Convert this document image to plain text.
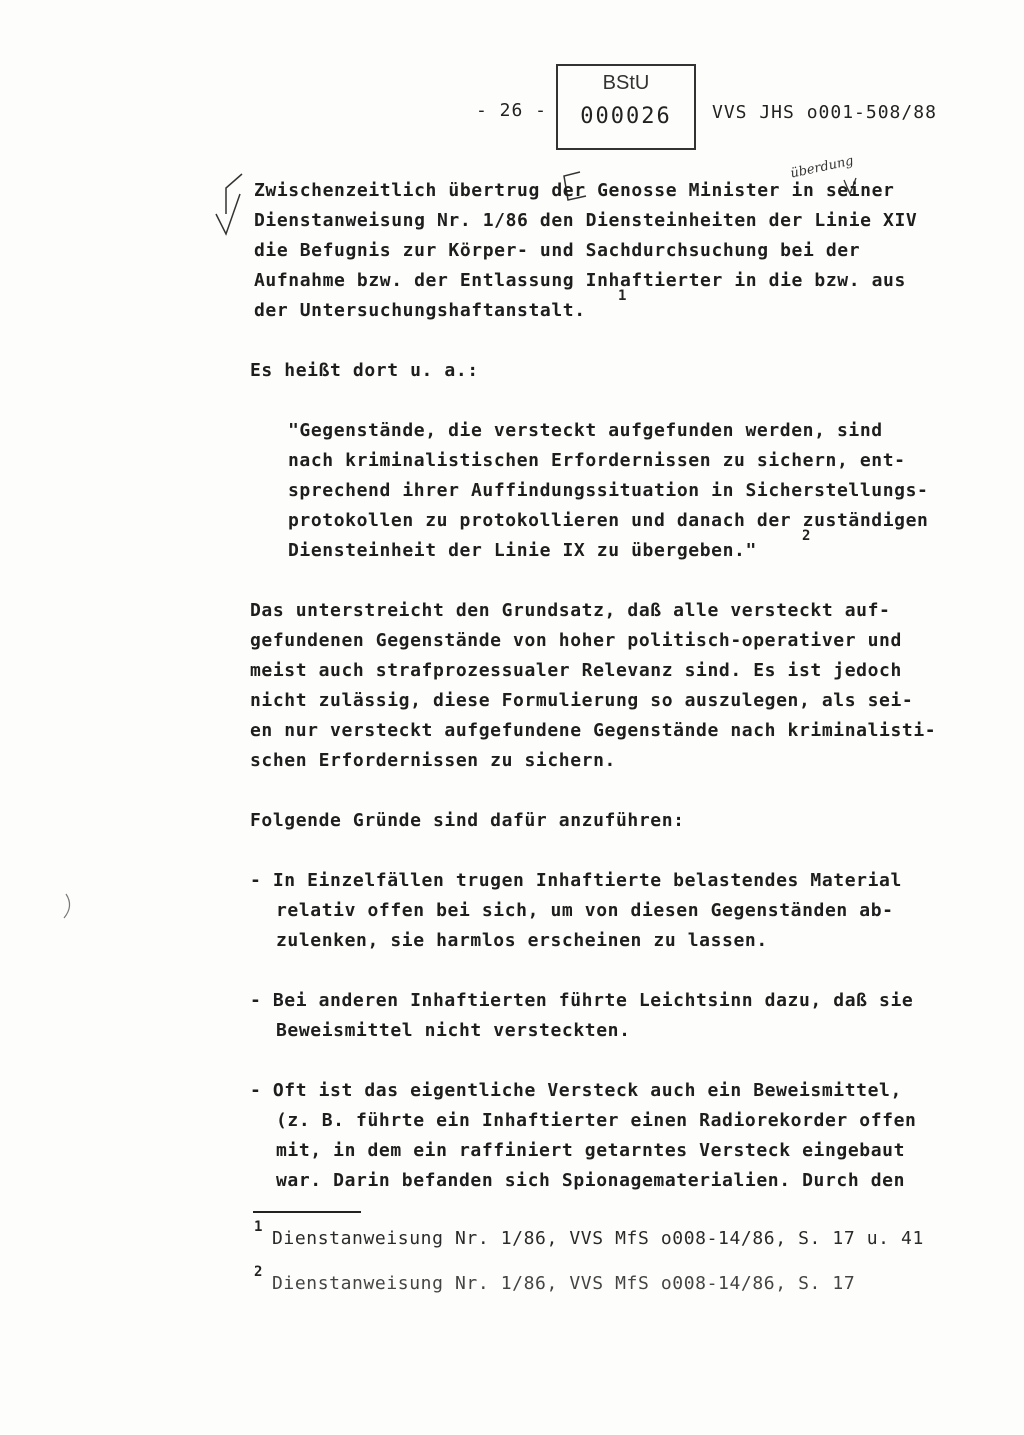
- 26 -
BStU
000026	VVS JHS o001-508/88
überdung
Zwischenzeitlich übertrug der Genosse Minister in seiner
Dienstanweisung Nr. 1/86 den Diensteinheiten der Linie XIV
die Befugnis zur Körper- und Sachdurchsuchung bei der
Aufnahme bzw. der Entlassung Inhaftierter in die bzw. aus
der Untersuchungshaftanstalt.
1
Es heißt dort u. a.:
"Gegenstände, die versteckt aufgefunden werden, sind
nach kriminalistischen Erfordernissen zu sichern, ent-
sprechend ihrer Auffindungssituation in Sicherstellungs-
protokollen zu protokollieren und danach der zuständigen
Diensteinheit der Linie IX zu übergeben."
2
Das unterstreicht den Grundsatz, daß alle versteckt auf-
gefundenen Gegenstände von hoher politisch-operativer und
meist auch strafprozessualer Relevanz sind. Es ist jedoch
nicht zulässig, diese Formulierung so auszulegen, als sei-
en nur versteckt aufgefundene Gegenstände nach kriminalisti-
schen Erfordernissen zu sichern.
Folgende Gründe sind dafür anzuführen:
- In Einzelfällen trugen Inhaftierte belastendes Material
relativ offen bei sich, um von diesen Gegenständen ab-
zulenken, sie harmlos erscheinen zu lassen.
- Bei anderen Inhaftierten führte Leichtsinn dazu, daß sie
Beweismittel nicht versteckten.
- Oft ist das eigentliche Versteck auch ein Beweismittel,
(z. B. führte ein Inhaftierter einen Radiorekorder offen
mit, in dem ein raffiniert getarntes Versteck eingebaut
war. Darin befanden sich Spionagematerialien. Durch den
1
Dienstanweisung Nr. 1/86, VVS MfS o008-14/86, S. 17 u. 41
2
Dienstanweisung Nr. 1/86, VVS MfS o008-14/86, S. 17
